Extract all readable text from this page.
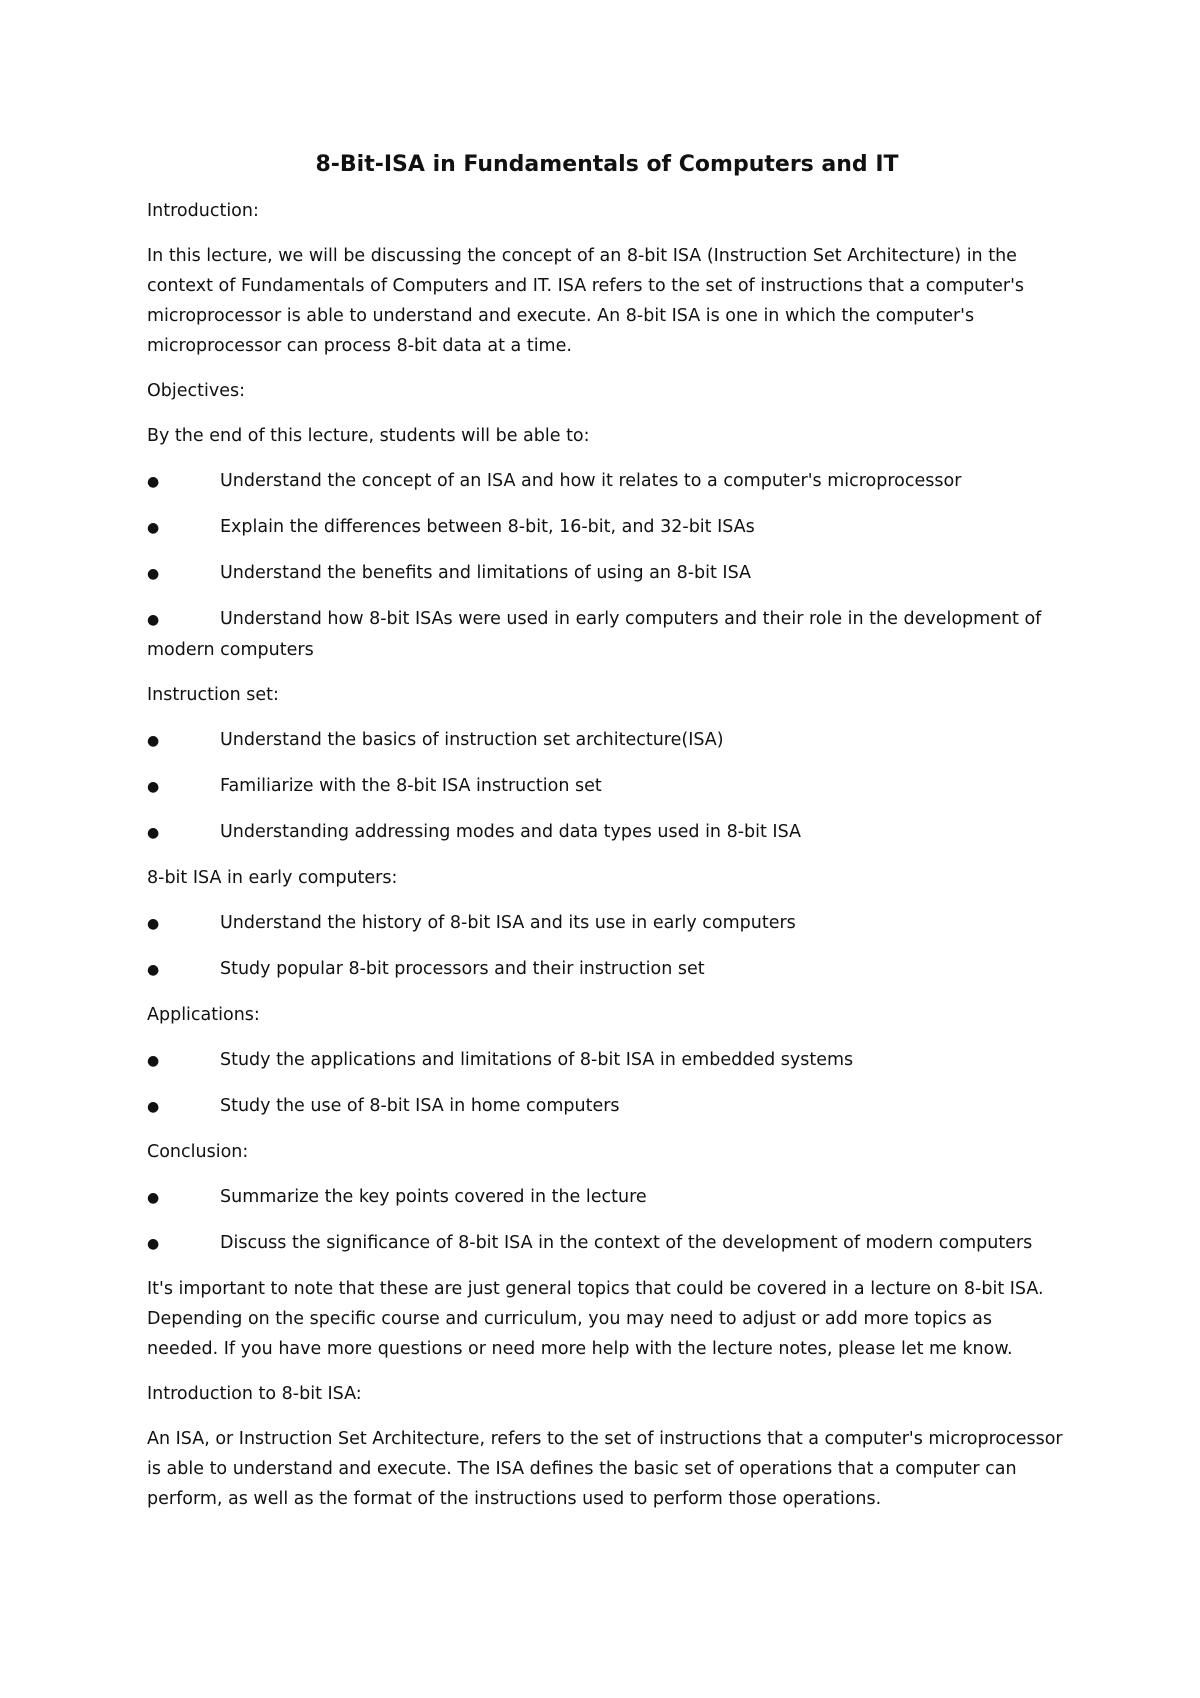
8-Bit-ISA in Fundamentals of Computers and IT
Introduction:
In this lecture, we will be discussing the concept of an 8-bit ISA (Instruction Set Architecture) in the context of Fundamentals of Computers and IT. ISA refers to the set of instructions that a computer's microprocessor is able to understand and execute. An 8-bit ISA is one in which the computer's microprocessor can process 8-bit data at a time.
Objectives:
By the end of this lecture, students will be able to:
●	Understand the concept of an ISA and how it relates to a computer's microprocessor
●	Explain the differences between 8-bit, 16-bit, and 32-bit ISAs
●	Understand the benefits and limitations of using an 8-bit ISA
●	Understand how 8-bit ISAs were used in early computers and their role in the development of modern computers
Instruction set:
●	Understand the basics of instruction set architecture(ISA)
●	Familiarize with the 8-bit ISA instruction set
●	Understanding addressing modes and data types used in 8-bit ISA
8-bit ISA in early computers:
●	Understand the history of 8-bit ISA and its use in early computers
●	Study popular 8-bit processors and their instruction set
Applications:
●	Study the applications and limitations of 8-bit ISA in embedded systems
●	Study the use of 8-bit ISA in home computers
Conclusion:
●	Summarize the key points covered in the lecture
●	Discuss the significance of 8-bit ISA in the context of the development of modern computers
It's important to note that these are just general topics that could be covered in a lecture on 8-bit ISA. Depending on the specific course and curriculum, you may need to adjust or add more topics as needed. If you have more questions or need more help with the lecture notes, please let me know.
Introduction to 8-bit ISA:
An ISA, or Instruction Set Architecture, refers to the set of instructions that a computer's microprocessor is able to understand and execute. The ISA defines the basic set of operations that a computer can perform, as well as the format of the instructions used to perform those operations.
